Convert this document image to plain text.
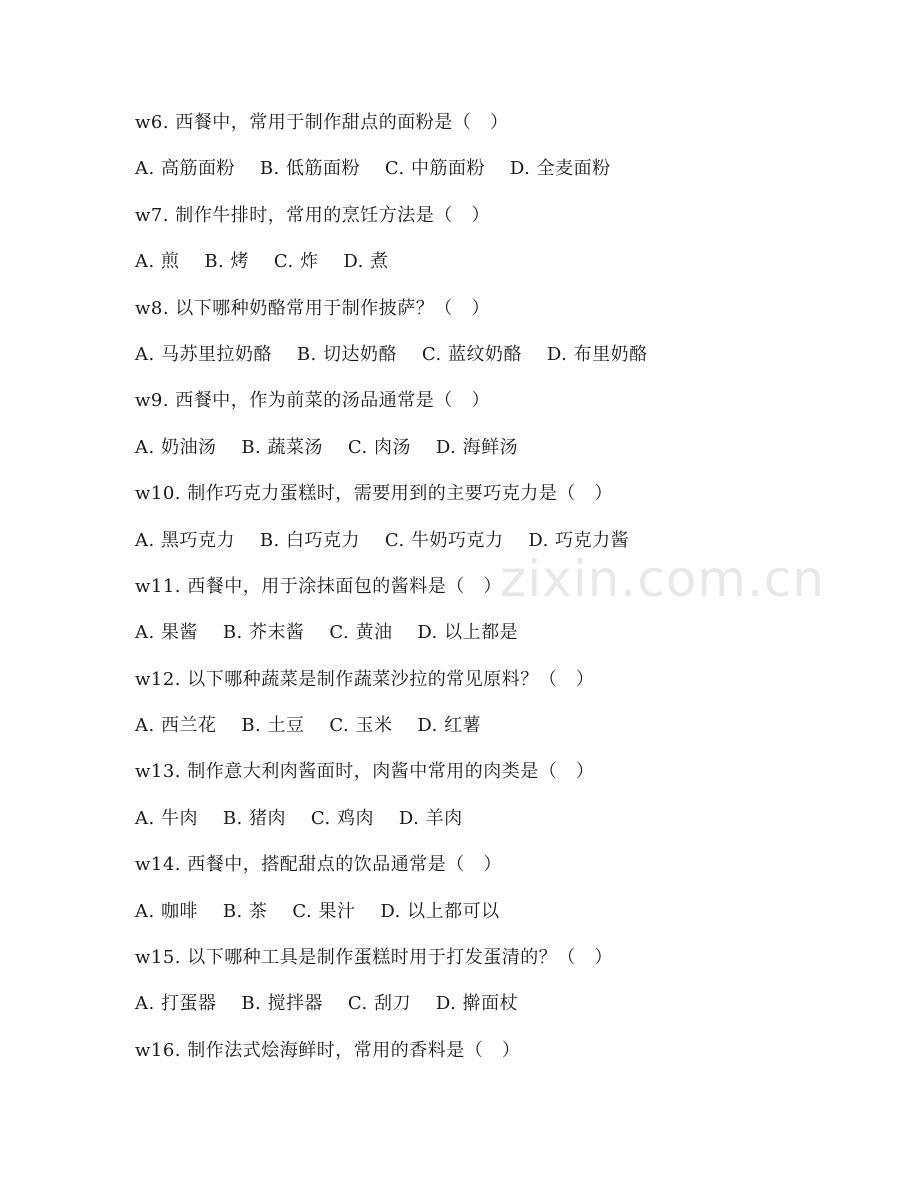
w6. 西餐中，常用于制作甜点的面粉是（   ）
A. 高筋面粉    B. 低筋面粉    C. 中筋面粉    D. 全麦面粉
w7. 制作牛排时，常用的烹饪方法是（   ）
A. 煎    B. 烤    C. 炸    D. 煮
w8. 以下哪种奶酪常用于制作披萨？（   ）
A. 马苏里拉奶酪    B. 切达奶酪    C. 蓝纹奶酪    D. 布里奶酪
w9. 西餐中，作为前菜的汤品通常是（   ）
A. 奶油汤    B. 蔬菜汤    C. 肉汤    D. 海鲜汤
w10. 制作巧克力蛋糕时，需要用到的主要巧克力是（   ）
A. 黑巧克力    B. 白巧克力    C. 牛奶巧克力    D. 巧克力酱
w11. 西餐中，用于涂抹面包的酱料是（   ）
A. 果酱    B. 芥末酱    C. 黄油    D. 以上都是
w12. 以下哪种蔬菜是制作蔬菜沙拉的常见原料？（   ）
A. 西兰花    B. 土豆    C. 玉米    D. 红薯
w13. 制作意大利肉酱面时，肉酱中常用的肉类是（   ）
A. 牛肉    B. 猪肉    C. 鸡肉    D. 羊肉
w14. 西餐中，搭配甜点的饮品通常是（   ）
A. 咖啡    B. 茶    C. 果汁    D. 以上都可以
w15. 以下哪种工具是制作蛋糕时用于打发蛋清的？（   ）
A. 打蛋器    B. 搅拌器    C. 刮刀    D. 擀面杖
w16. 制作法式烩海鲜时，常用的香料是（   ）
zixin.com.cn
